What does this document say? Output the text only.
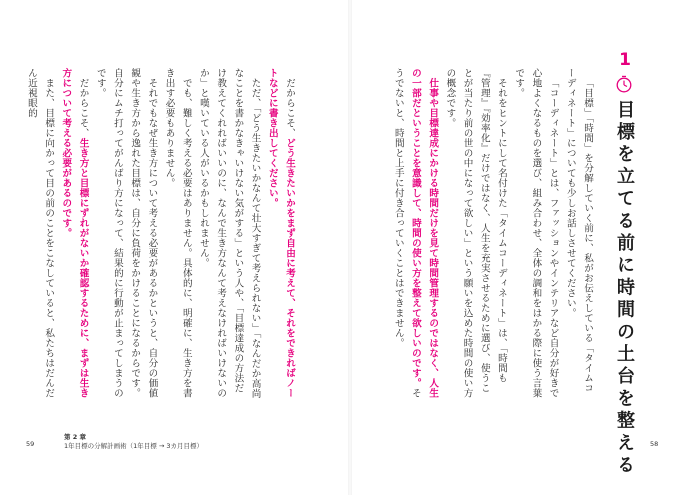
1
目標を立てる前に時間の土台を整える
「目標」「時間」を分解していく前に、私がお伝えしている「タイムコーディネート」についても少しお話しさせてください。
「コーディネート」とは、ファッションやインテリアなど自分が好きで心地よくなるものを選び、組み合わせ、全体の調和をはかる際に使う言葉です。
それをヒントにして名付けた「タイムコーディネート」は、「時間も『管理』『効率化』だけではなく、人生を充実させるために選び、使うことが当たり前の世の中になって欲しい」という願いを込めた時間の使い方の概念です。
仕事や目標達成にかける時間だけを見て時間管理するのではなく、人生の一部だということを意識して、時間の使い方を整えて欲しいのです。そうでないと、時間と上手に付き合っていくことはできません。
58
だからこそ、どう生きたいかをまず自由に考えて、それをできればノートなどに書き出してください。
ただ、「どう生きたいかなんて壮大すぎて考えられない」「なんだか高尚なことを書かなきゃいけない気がする」という人や、「目標達成の方法だけ教えてくれればいいのに、なんで生き方なんて考えなければいけないのか」と嘆いている人がいるかもしれません。
でも、難しく考える必要はありません。具体的に、明確に、生き方を書き出す必要もありません。
それでもなぜ生き方について考える必要があるかというと、自分の価値観や生き方から逸れた目標は、自分に負荷をかけることになるからです。自分にムチ打ってがんばり方になって、結果的に行動が止まってしまうのです。
だからこそ、生き方と目標にずれがないか確認するために、まずは生き方について考える必要があるのです。
また、目標に向かって目の前のことをこなしていると、私たちはだんだん近視眼的
59
第 2 章
1年目標の分解計画術（1年目標 → 3カ月目標）
